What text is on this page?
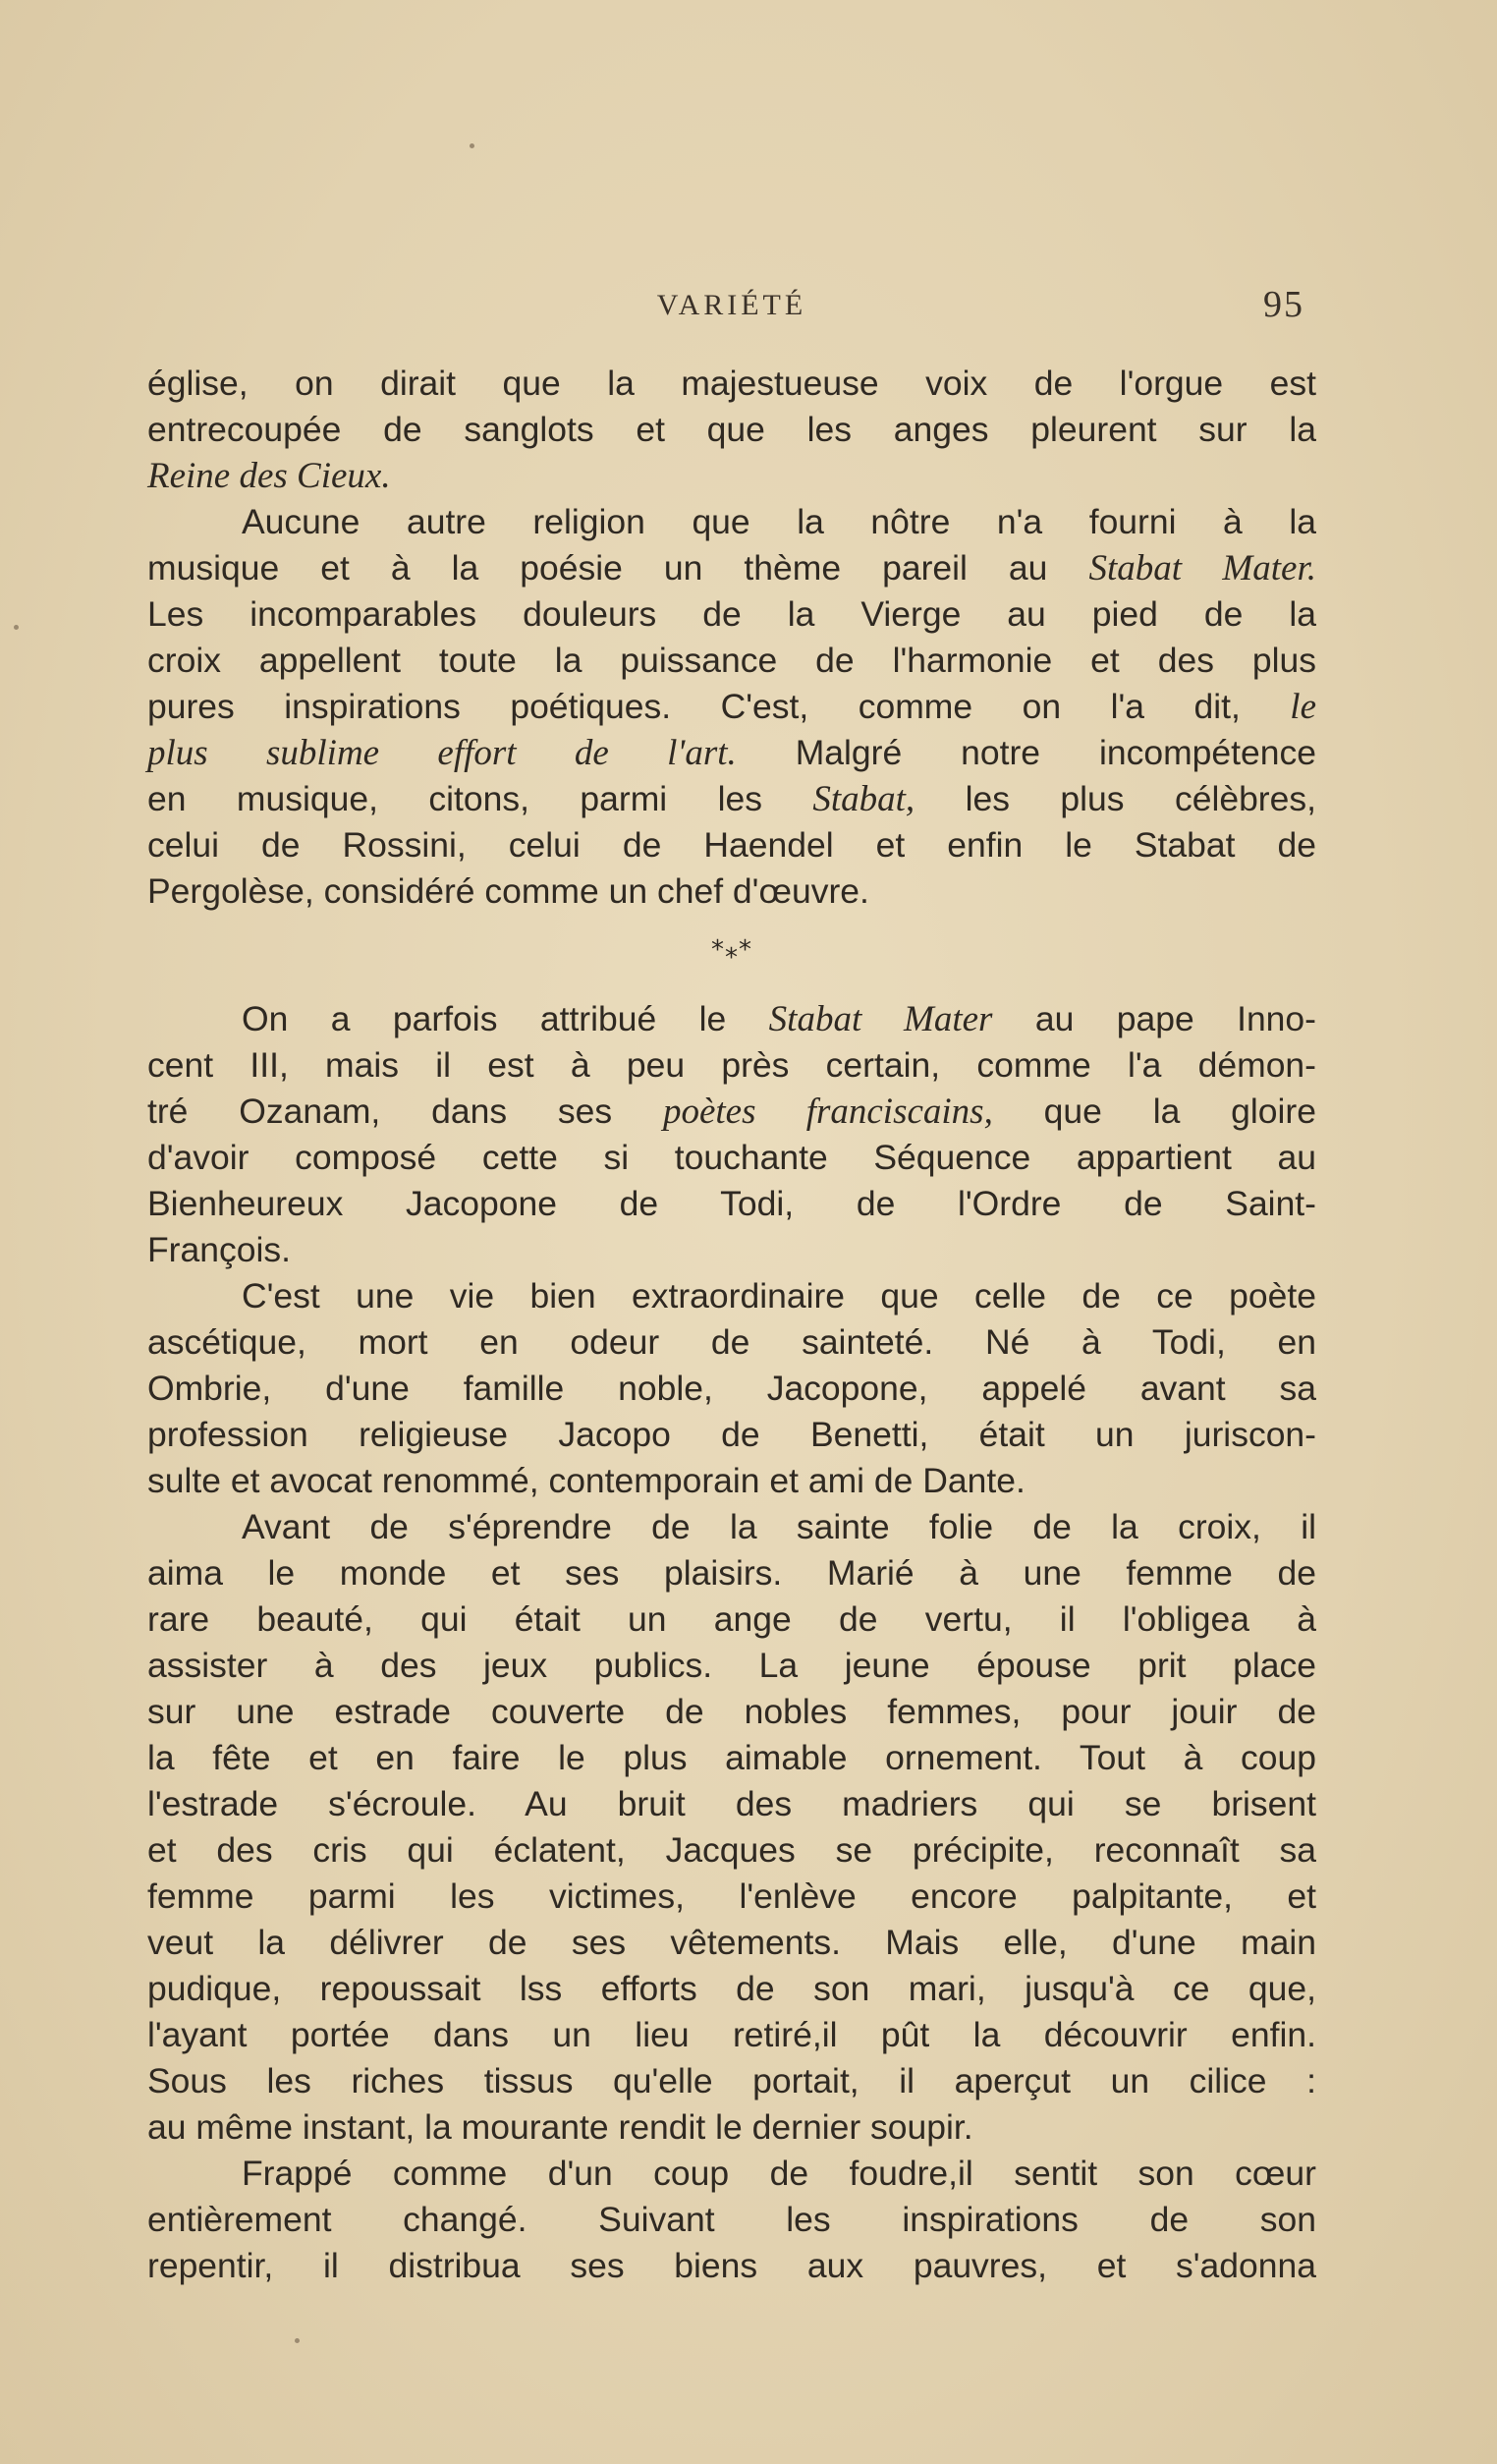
VARIÉTÉ	95
église, on dirait que la majestueuse voix de l'orgue est
entrecoupée de sanglots et que les anges pleurent sur la
Reine des Cieux.
Aucune autre religion que la nôtre n'a fourni à la
musique et à la poésie un thème pareil au Stabat Mater.
Les incomparables douleurs de la Vierge au pied de la
croix appellent toute la puissance de l'harmonie et des plus
pures inspirations poétiques. C'est, comme on l'a dit, le
plus sublime effort de l'art. Malgré notre incompétence
en musique, citons, parmi les Stabat, les plus célèbres,
celui de Rossini, celui de Haendel et enfin le Stabat de
Pergolèse, considéré comme un chef d'œuvre.
*⁎*
On a parfois attribué le Stabat Mater au pape Inno-
cent III, mais il est à peu près certain, comme l'a démon-
tré Ozanam, dans ses poètes franciscains, que la gloire
d'avoir composé cette si touchante Séquence appartient au
Bienheureux Jacopone de Todi, de l'Ordre de Saint-
François.
C'est une vie bien extraordinaire que celle de ce poète
ascétique, mort en odeur de sainteté. Né à Todi, en
Ombrie, d'une famille noble, Jacopone, appelé avant sa
profession religieuse Jacopo de Benetti, était un juriscon-
sulte et avocat renommé, contemporain et ami de Dante.
Avant de s'éprendre de la sainte folie de la croix, il
aima le monde et ses plaisirs. Marié à une femme de
rare beauté, qui était un ange de vertu, il l'obligea à
assister à des jeux publics. La jeune épouse prit place
sur une estrade couverte de nobles femmes, pour jouir de
la fête et en faire le plus aimable ornement. Tout à coup
l'estrade s'écroule. Au bruit des madriers qui se brisent
et des cris qui éclatent, Jacques se précipite, reconnaît sa
femme parmi les victimes, l'enlève encore palpitante, et
veut la délivrer de ses vêtements. Mais elle, d'une main
pudique, repoussait lss efforts de son mari, jusqu'à ce que,
l'ayant portée dans un lieu retiré,il pût la découvrir enfin.
Sous les riches tissus qu'elle portait, il aperçut un cilice :
au même instant, la mourante rendit le dernier soupir.
Frappé comme d'un coup de foudre,il sentit son cœur
entièrement changé. Suivant les inspirations de son
repentir, il distribua ses biens aux pauvres, et s'adonna
